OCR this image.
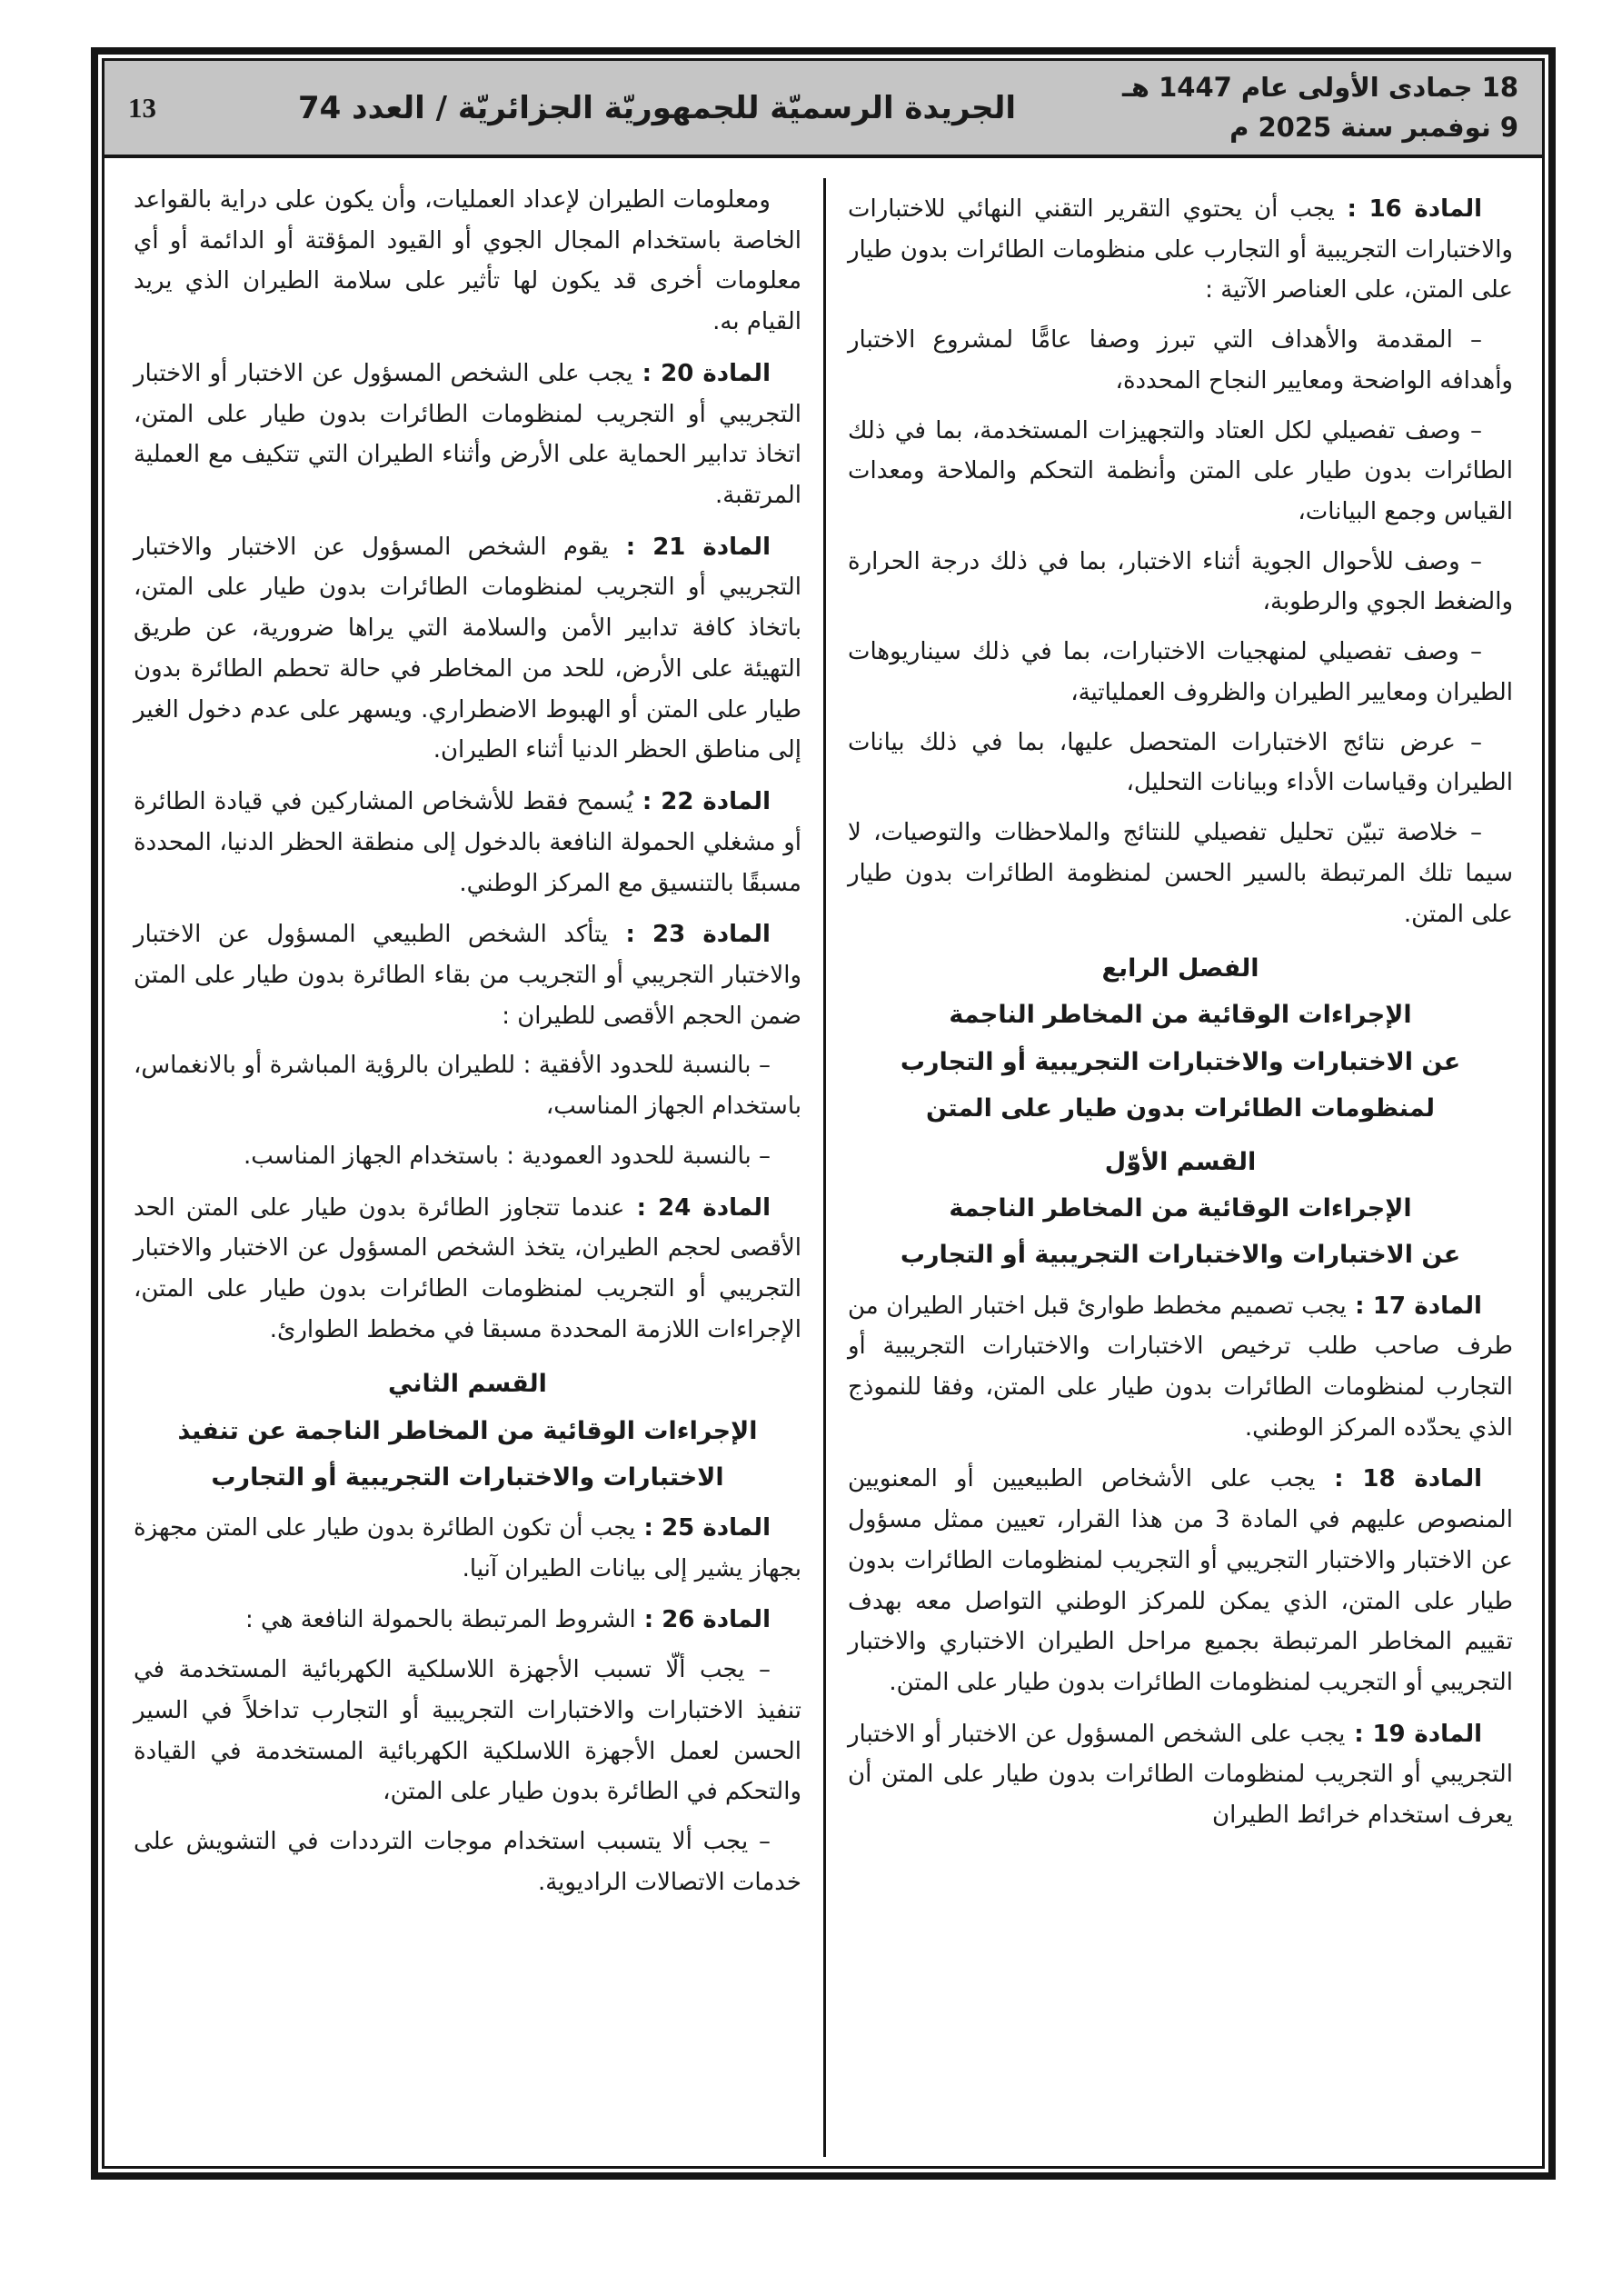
18 جمادى الأولى عام 1447 هـ
9 نوفمبر سنة 2025 م
الجريدة الرسميّة للجمهوريّة الجزائريّة / العدد 74
13

المادة 16 : يجب أن يحتوي التقرير التقني النهائي للاختبارات والاختبارات التجريبية أو التجارب على منظومات الطائرات بدون طيار على المتن، على العناصر الآتية :

– المقدمة والأهداف التي تبرز وصفا عامًّا لمشروع الاختبار وأهدافه الواضحة ومعايير النجاح المحددة،

– وصف تفصيلي لكل العتاد والتجهيزات المستخدمة، بما في ذلك الطائرات بدون طيار على المتن وأنظمة التحكم والملاحة ومعدات القياس وجمع البيانات،

– وصف للأحوال الجوية أثناء الاختبار، بما في ذلك درجة الحرارة والضغط الجوي والرطوبة،

– وصف تفصيلي لمنهجيات الاختبارات، بما في ذلك سيناريوهات الطيران ومعايير الطيران والظروف العملياتية،

– عرض نتائج الاختبارات المتحصل عليها، بما في ذلك بيانات الطيران وقياسات الأداء وبيانات التحليل،

– خلاصة تبيّن تحليل تفصيلي للنتائج والملاحظات والتوصيات، لا سيما تلك المرتبطة بالسير الحسن لمنظومة الطائرات بدون طيار على المتن.

الفصل الرابع

الإجراءات الوقائية من المخاطر الناجمة

عن الاختبارات والاختبارات التجريبية أو التجارب

لمنظومات الطائرات بدون طيار على المتن

القسم الأوّل

الإجراءات الوقائية من المخاطر الناجمة

عن الاختبارات والاختبارات التجريبية أو التجارب

المادة 17 : يجب تصميم مخطط طوارئ قبل اختبار الطيران من طرف صاحب طلب ترخيص الاختبارات والاختبارات التجريبية أو التجارب لمنظومات الطائرات بدون طيار على المتن، وفقا للنموذج الذي يحدّده المركز الوطني.

المادة 18 : يجب على الأشخاص الطبيعيين أو المعنويين المنصوص عليهم في المادة 3 من هذا القرار، تعيين ممثل مسؤول عن الاختبار والاختبار التجريبي أو التجريب لمنظومات الطائرات بدون طيار على المتن، الذي يمكن للمركز الوطني التواصل معه بهدف تقييم المخاطر المرتبطة بجميع مراحل الطيران الاختباري والاختبار التجريبي أو التجريب لمنظومات الطائرات بدون طيار على المتن.

المادة 19 : يجب على الشخص المسؤول عن الاختبار أو الاختبار التجريبي أو التجريب لمنظومات الطائرات بدون طيار على المتن أن يعرف استخدام خرائط الطيران

ومعلومات الطيران لإعداد العمليات، وأن يكون على دراية بالقواعد الخاصة باستخدام المجال الجوي أو القيود المؤقتة أو الدائمة أو أي معلومات أخرى قد يكون لها تأثير على سلامة الطيران الذي يريد القيام به.

المادة 20 : يجب على الشخص المسؤول عن الاختبار أو الاختبار التجريبي أو التجريب لمنظومات الطائرات بدون طيار على المتن، اتخاذ تدابير الحماية على الأرض وأثناء الطيران التي تتكيف مع العملية المرتقبة.

المادة 21 : يقوم الشخص المسؤول عن الاختبار والاختبار التجريبي أو التجريب لمنظومات الطائرات بدون طيار على المتن، باتخاذ كافة تدابير الأمن والسلامة التي يراها ضرورية، عن طريق التهيئة على الأرض، للحد من المخاطر في حالة تحطم الطائرة بدون طيار على المتن أو الهبوط الاضطراري. ويسهر على عدم دخول الغير إلى مناطق الحظر الدنيا أثناء الطيران.

المادة 22 : يُسمح فقط للأشخاص المشاركين في قيادة الطائرة أو مشغلي الحمولة النافعة بالدخول إلى منطقة الحظر الدنيا، المحددة مسبقًا بالتنسيق مع المركز الوطني.

المادة 23 : يتأكد الشخص الطبيعي المسؤول عن الاختبار والاختبار التجريبي أو التجريب من بقاء الطائرة بدون طيار على المتن ضمن الحجم الأقصى للطيران :

– بالنسبة للحدود الأفقية : للطيران بالرؤية المباشرة أو بالانغماس، باستخدام الجهاز المناسب،

– بالنسبة للحدود العمودية : باستخدام الجهاز المناسب.

المادة 24 : عندما تتجاوز الطائرة بدون طيار على المتن الحد الأقصى لحجم الطيران، يتخذ الشخص المسؤول عن الاختبار والاختبار التجريبي أو التجريب لمنظومات الطائرات بدون طيار على المتن، الإجراءات اللازمة المحددة مسبقا في مخطط الطوارئ.

القسم الثاني

الإجراءات الوقائية من المخاطر الناجمة عن تنفيذ

الاختبارات والاختبارات التجريبية أو التجارب

المادة 25 : يجب أن تكون الطائرة بدون طيار على المتن مجهزة بجهاز يشير إلى بيانات الطيران آنيا.

المادة 26 : الشروط المرتبطة بالحمولة النافعة هي :

– يجب ألّا تسبب الأجهزة اللاسلكية الكهربائية المستخدمة في تنفيذ الاختبارات والاختبارات التجريبية أو التجارب تداخلاً في السير الحسن لعمل الأجهزة اللاسلكية الكهربائية المستخدمة في القيادة والتحكم في الطائرة بدون طيار على المتن،

– يجب ألا يتسبب استخدام موجات الترددات في التشويش على خدمات الاتصالات الراديوية.
